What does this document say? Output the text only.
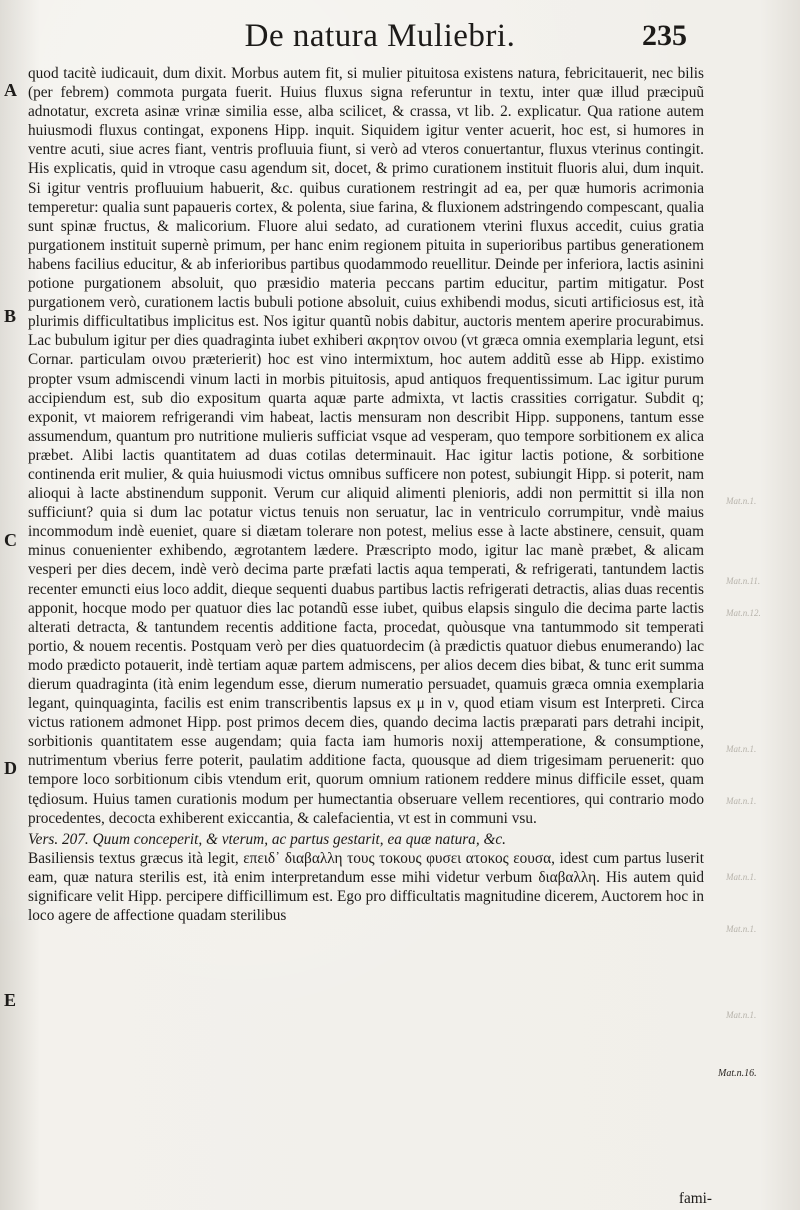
De natura Muliebri.	235
A
B
C
D
E
Mat.n.1.
Mat.n.11.
Mat.n.12.
Mat.n.1.
Mat.n.1.
Mat.n.1.
Mat.n.1.
Mat.n.1.

quod tacitè iudicauit, dum dixit. Morbus autem fit, si mulier pituitosa existens natura, febricitauerit, nec bilis (per febrem) commota purgata fuerit. Huius fluxus signa referuntur in textu, inter quæ illud præcipuũ adnotatur, excreta asinæ vrinæ similia esse, alba scilicet, & crassa, vt lib. 2. explicatur. Qua ratione autem huiusmodi fluxus contingat, exponens Hipp. inquit. Siquidem igitur venter acuerit, hoc est, si humores in ventre acuti, siue acres fiant, ventris profluuia fiunt, si verò ad vteros conuertantur, fluxus vterinus contingit. His explicatis, quid in vtroque casu agendum sit, docet, & primo curationem instituit fluoris alui, dum inquit. Si igitur ventris profluuium habuerit, &c. quibus curationem restringit ad ea, per quæ humoris acrimonia temperetur: qualia sunt papaueris cortex, & polenta, siue farina, & fluxionem adstringendo compescant, qualia sunt spinæ fructus, & malicorium. Fluore alui sedato, ad curationem vterini fluxus accedit, cuius gratia purgationem instituit supernè primum, per hanc enim regionem pituita in superioribus partibus generationem habens facilius educitur, & ab inferioribus partibus quodammodo reuellitur. Deinde per inferiora, lactis asinini potione purgationem absoluit, quo præsidio materia peccans partim educitur, partim mitigatur. Post purgationem verò, curationem lactis bubuli potione absoluit, cuius exhibendi modus, sicuti artificiosus est, ità plurimis difficultatibus implicitus est. Nos igitur quantũ nobis dabitur, auctoris mentem aperire procurabimus. Lac bubulum igitur per dies quadraginta iubet exhiberi ακρητον οινου (vt græca omnia exemplaria legunt, etsi Cornar. particulam οινου præterierit) hoc est vino intermixtum, hoc autem additũ esse ab Hipp. existimo propter vsum admiscendi vinum lacti in morbis pituitosis, apud antiquos frequentissimum. Lac igitur purum accipiendum est, sub dio expositum quarta aquæ parte admixta, vt lactis crassities corrigatur. Subdit q; exponit, vt maiorem refrigerandi vim habeat, lactis mensuram non describit Hipp. supponens, tantum esse assumendum, quantum pro nutritione mulieris sufficiat vsque ad vesperam, quo tempore sorbitionem ex alica præbet. Alibi lactis quantitatem ad duas cotilas determinauit. Hac igitur lactis potione, & sorbitione continenda erit mulier, & quia huiusmodi victus omnibus sufficere non potest, subiungit Hipp. si poterit, nam alioqui à lacte abstinendum supponit. Verum cur aliquid alimenti plenioris, addi non permittit si illa non sufficiunt? quia si dum lac potatur victus tenuis non seruatur, lac in ventriculo corrumpitur, vndè maius incommodum indè eueniet, quare si diætam tolerare non potest, melius esse à lacte abstinere, censuit, quam minus conuenienter exhibendo, ægrotantem lædere. Præscripto modo, igitur lac manè præbet, & alicam vesperi per dies decem, indè verò decima parte præfati lactis aqua temperati, & refrigerati, tantundem lactis recenter emuncti eius loco addit, dieque sequenti duabus partibus lactis refrigerati detractis, alias duas recentis apponit, hocque modo per quatuor dies lac potandũ esse iubet, quibus elapsis singulo die decima parte lactis alterati detracta, & tantundem recentis additione facta, procedat, quòusque vna tantummodo sit temperati portio, & nouem recentis. Postquam verò per dies quatuordecim (à prædictis quatuor diebus enumerando) lac modo prædicto potauerit, indè tertiam aquæ partem admiscens, per alios decem dies bibat, & tunc erit summa dierum quadraginta (ità enim legendum esse, dierum numeratio persuadet, quamuis græca omnia exemplaria legant, quinquaginta, facilis est enim transcribentis lapsus ex μ in ν, quod etiam visum est Interpreti. Circa victus rationem admonet Hipp. post primos decem dies, quando decima lactis præparati pars detrahi incipit, sorbitionis quantitatem esse augendam; quia facta iam humoris noxij attemperatione, & consumptione, nutrimentum vberius ferre poterit, paulatim additione facta, quousque ad diem trigesimam peruenerit: quo tempore loco sorbitionum cibis vtendum erit, quorum omnium rationem reddere minus difficile esset, quam tędiosum. Huius tamen curationis modum per humectantia obseruare vellem recentiores, qui contrario modo procedentes, decocta exhiberent exiccantia, & calefacientia, vt est in communi vsu.

Vers. 207. Quum conceperit, & vterum, ac partus gestarit, ea quæ natura, &c.

Basiliensis textus græcus ità legit, επειδ᾽ διαβαλλη τους τοκους φυσει ατοκος εουσα, idest cum partus luserit eam, quæ natura sterilis est, ità enim interpretandum esse mihi videtur verbum διαβαλλη. His autem quid significare velit Hipp. percipere difficillimum est. Ego pro difficultatis magnitudine dicerem, Auctorem hoc in loco agere de affectione quadam sterilibus

Mat.n.16.
fami-
